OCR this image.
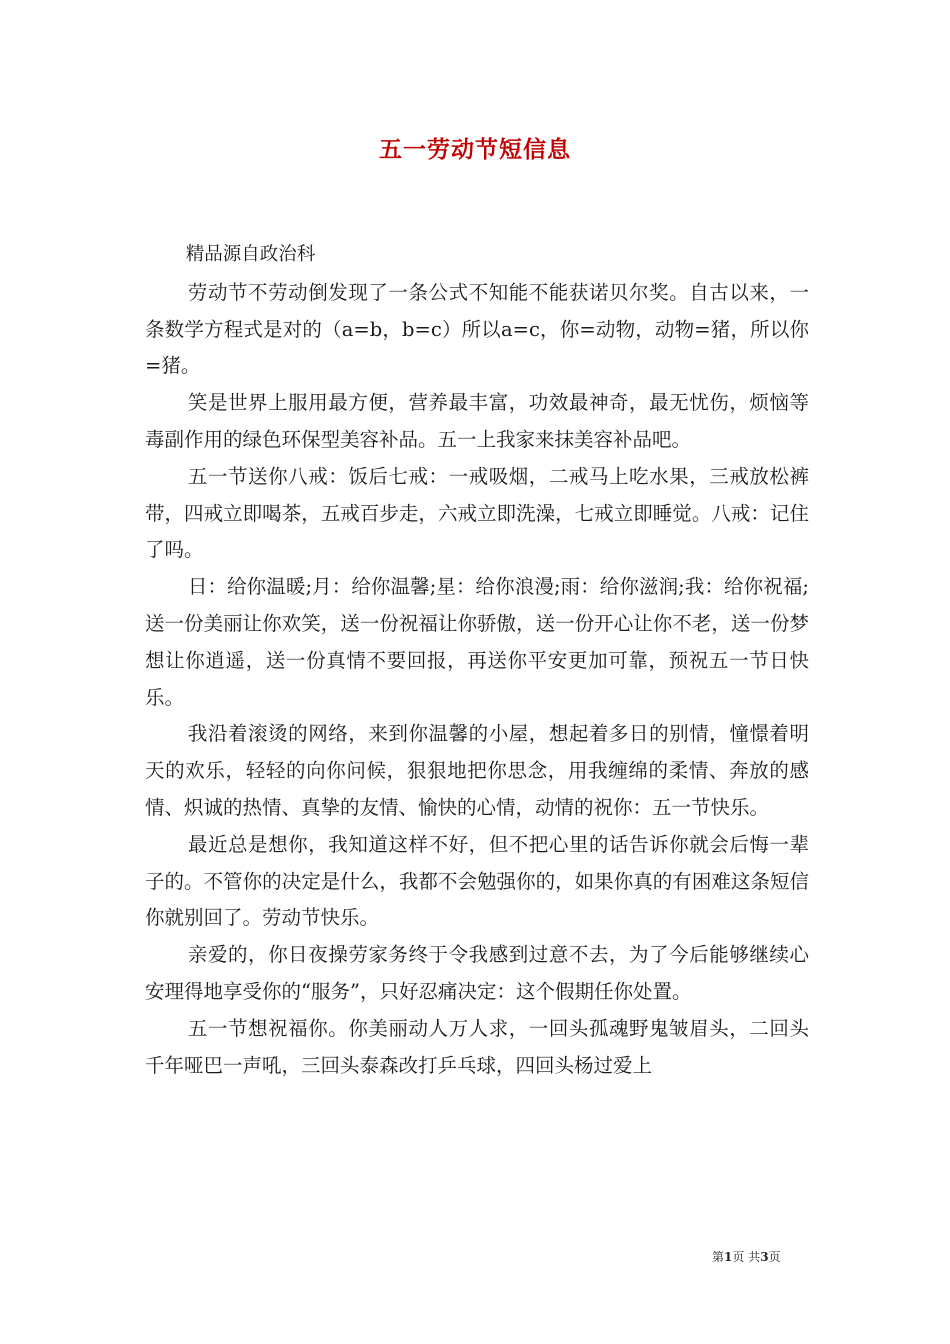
五一劳动节短信息

精品源自政治科

劳动节不劳动倒发现了一条公式不知能不能获诺贝尔奖。自古以来，一条数学方程式是对的（a=b，b=c）所以a=c，你=动物，动物=猪，所以你=猪。

笑是世界上服用最方便，营养最丰富，功效最神奇，最无忧伤，烦恼等毒副作用的绿色环保型美容补品。五一上我家来抹美容补品吧。

五一节送你八戒：饭后七戒：一戒吸烟，二戒马上吃水果，三戒放松裤带，四戒立即喝茶，五戒百步走，六戒立即洗澡，七戒立即睡觉。八戒：记住了吗。

日：给你温暖;月：给你温馨;星：给你浪漫;雨：给你滋润;我：给你祝福;送一份美丽让你欢笑，送一份祝福让你骄傲，送一份开心让你不老，送一份梦想让你逍遥，送一份真情不要回报，再送你平安更加可靠，预祝五一节日快乐。

我沿着滚烫的网络，来到你温馨的小屋，想起着多日的别情，憧憬着明天的欢乐，轻轻的向你问候，狠狠地把你思念，用我缠绵的柔情、奔放的感情、炽诚的热情、真挚的友情、愉快的心情，动情的祝你：五一节快乐。

最近总是想你，我知道这样不好，但不把心里的话告诉你就会后悔一辈子的。不管你的决定是什么，我都不会勉强你的，如果你真的有困难这条短信你就别回了。劳动节快乐。

亲爱的，你日夜操劳家务终于令我感到过意不去，为了今后能够继续心安理得地享受你的“服务”，只好忍痛决定：这个假期任你处置。

五一节想祝福你。你美丽动人万人求，一回头孤魂野鬼皱眉头，二回头千年哑巴一声吼，三回头泰森改打乒乓球，四回头杨过爱上

第1页 共3页
